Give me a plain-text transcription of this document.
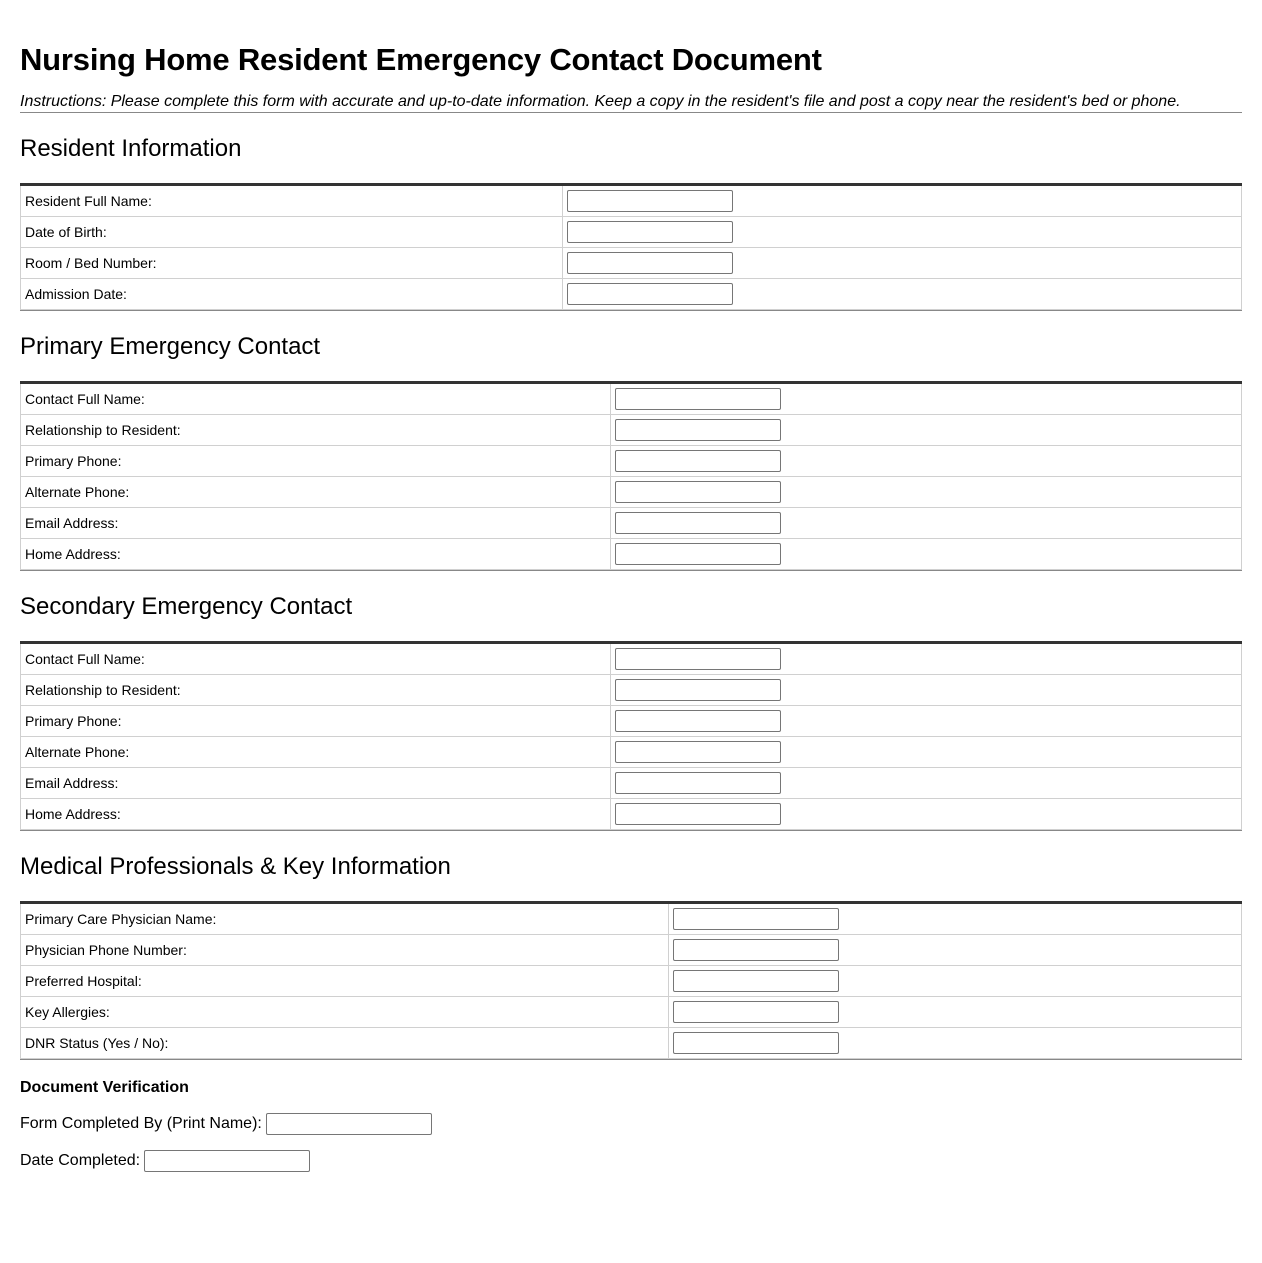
Nursing Home Resident Emergency Contact Document

Instructions: Please complete this form with accurate and up-to-date information. Keep a copy in the resident's file and post a copy near the resident's bed or phone.

Resident Information
Resident Full Name:	
Date of Birth:	
Room / Bed Number:	
Admission Date:	
Primary Emergency Contact
Contact Full Name:	
Relationship to Resident:	
Primary Phone:	
Alternate Phone:	
Email Address:	
Home Address:	
Secondary Emergency Contact
Contact Full Name:	
Relationship to Resident:	
Primary Phone:	
Alternate Phone:	
Email Address:	
Home Address:	
Medical Professionals & Key Information
Primary Care Physician Name:	
Physician Phone Number:	
Preferred Hospital:	
Key Allergies:	
DNR Status (Yes / No):	
Document Verification
Form Completed By (Print Name):
Date Completed:
